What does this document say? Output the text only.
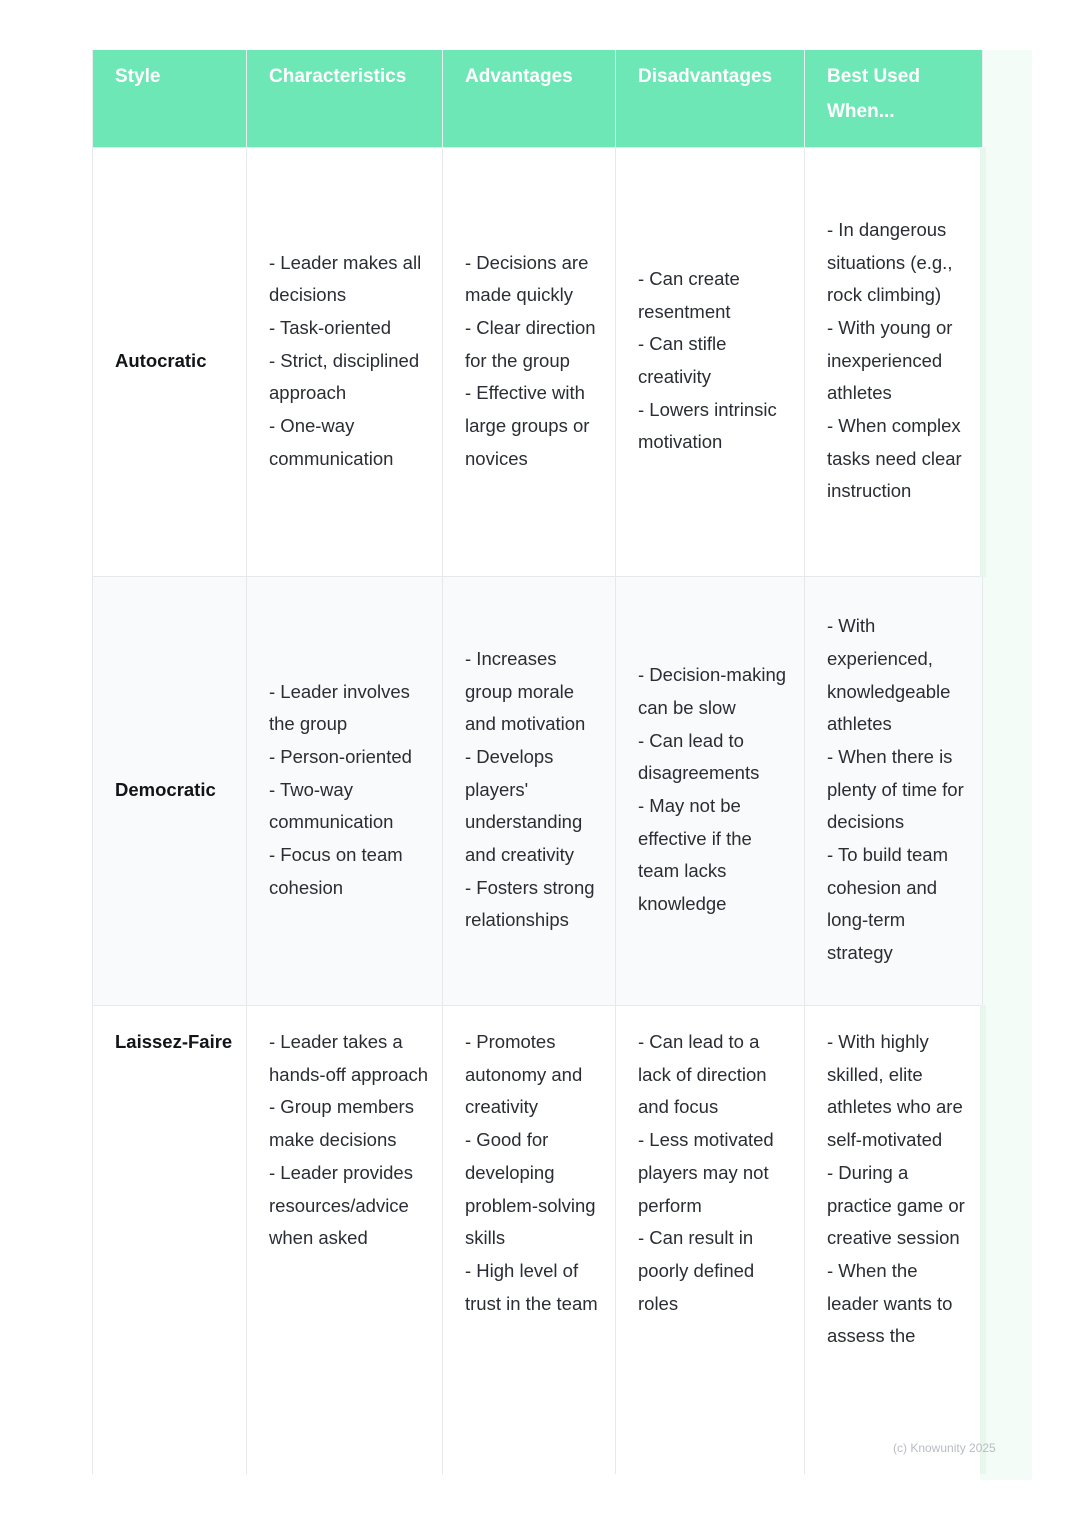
Style	Characteristics	Advantages	Disadvantages	Best Used When...
Autocratic	- Leader makes all decisions
- Task-oriented
- Strict, disciplined approach
- One-way communication	- Decisions are made quickly
- Clear direction for the group
- Effective with large groups or novices	- Can create resentment
- Can stifle creativity
- Lowers intrinsic motivation	- In dangerous situations (e.g., rock climbing)
- With young or inexperienced athletes
- When complex tasks need clear instruction
Democratic	- Leader involves the group
- Person-oriented
- Two-way communication
- Focus on team cohesion	- Increases group morale and motivation
- Develops players' understanding and creativity
- Fosters strong relationships	- Decision-making can be slow
- Can lead to disagreements
- May not be effective if the team lacks knowledge	- With experienced, knowledgeable athletes
- When there is plenty of time for decisions
- To build team cohesion and long-term strategy
Laissez-Faire	- Leader takes a hands-off approach
- Group members make decisions
- Leader provides resources/advice when asked	- Promotes autonomy and creativity
- Good for developing problem-solving skills
- High level of trust in the team	- Can lead to a lack of direction and focus
- Less motivated players may not perform
- Can result in poorly defined roles	- With highly skilled, elite athletes who are self-motivated
- During a practice game or creative session
- When the leader wants to assess the
(c) Knowunity 2025
